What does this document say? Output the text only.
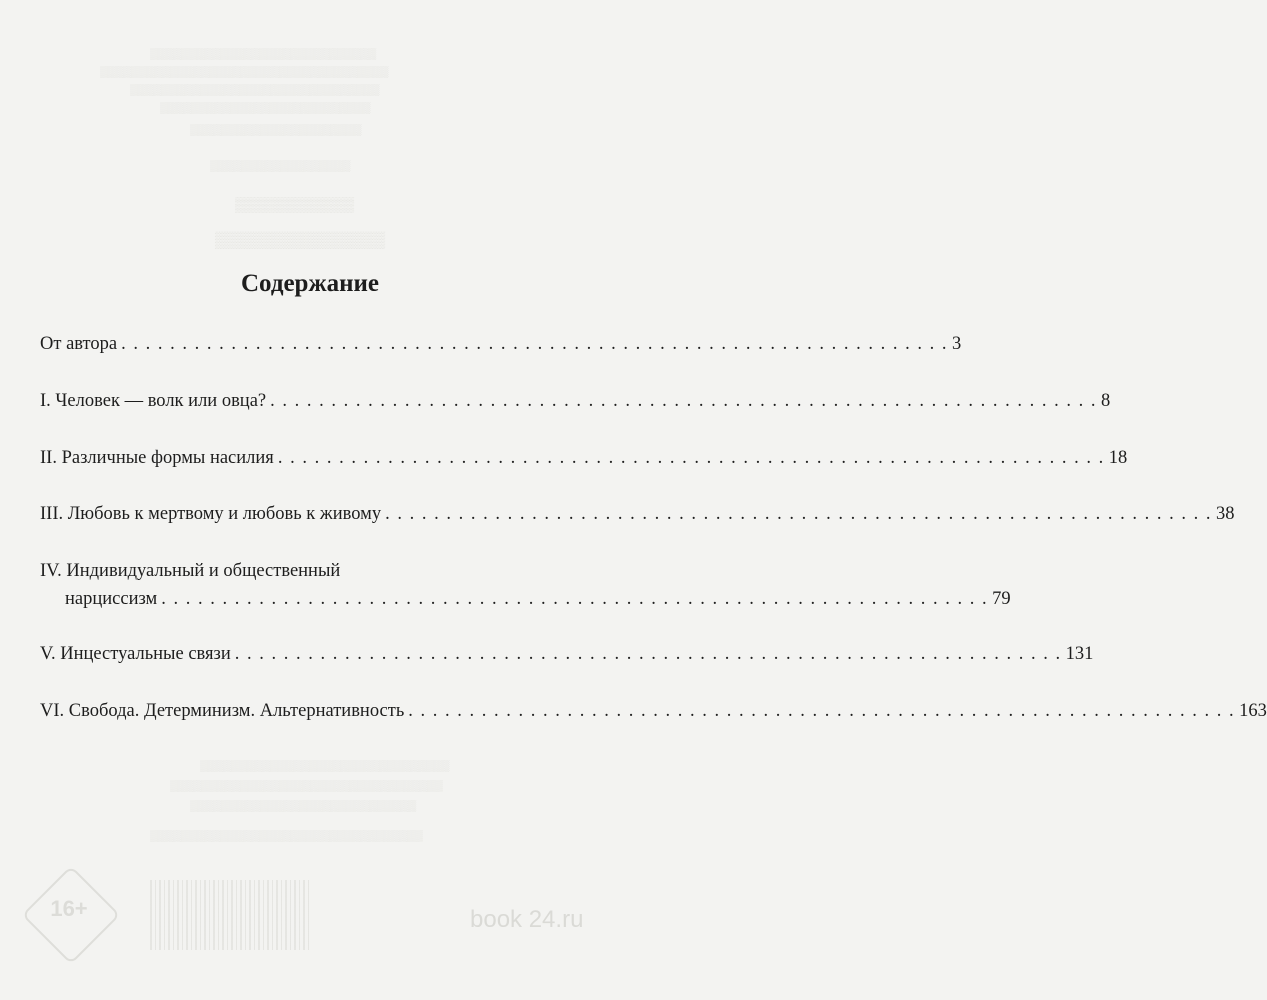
▒▒▒▒▒▒▒▒▒▒▒▒▒▒▒▒▒▒▒▒▒▒▒▒▒▒▒▒▒
▒▒▒▒▒▒▒▒▒▒▒▒▒▒▒▒▒▒▒▒▒▒▒▒▒▒▒▒▒▒▒▒▒▒▒▒▒
▒▒▒▒▒▒▒▒▒▒▒▒▒▒▒▒▒▒▒▒▒▒▒▒▒▒▒▒▒▒▒▒
▒▒▒▒▒▒▒▒▒▒▒▒▒▒▒▒▒▒▒▒▒▒▒▒▒▒▒
▒▒▒▒▒▒▒▒▒▒▒▒▒▒▒▒▒▒▒▒▒▒
▒▒▒▒▒▒▒▒▒▒▒▒▒▒▒▒▒▒
▒▒▒▒▒▒▒▒▒▒▒▒
▒▒▒▒▒▒▒▒▒▒▒▒▒▒▒
▒▒▒▒▒▒▒▒▒▒▒▒▒▒▒▒▒▒▒▒▒▒▒▒▒▒▒▒▒▒▒▒
▒▒▒▒▒▒▒▒▒▒▒▒▒▒▒▒▒▒▒▒▒▒▒▒▒▒▒▒▒▒▒▒▒▒▒
▒▒▒▒▒▒▒▒▒▒▒▒▒▒▒▒▒▒▒▒▒▒▒▒▒▒▒▒▒
▒▒▒▒▒▒▒▒▒▒▒▒▒▒▒▒▒▒▒▒▒▒▒▒▒▒▒▒▒▒▒▒▒▒▒
16+	book 24.ru
Содержание
От автора . . . . . . . . . . . . . . . . . . . . . . . . . . . . . . . . . . . . . . . . . . . . . . . . . . . . . . . . . . . . . . . . . . . . 3
I. Человек — волк или овца? . . . . . . . . . . . . . . . . . . . . . . . . . . . . . . . . . . . . . . . . . . . . . . . . . . . . . . . . . . . . . . . . . . . . 8
II. Различные формы насилия . . . . . . . . . . . . . . . . . . . . . . . . . . . . . . . . . . . . . . . . . . . . . . . . . . . . . . . . . . . . . . . . . . . . 18
III. Любовь к мертвому и любовь к живому . . . . . . . . . . . . . . . . . . . . . . . . . . . . . . . . . . . . . . . . . . . . . . . . . . . . . . . . . . . . . . . . . . . . 38
IV. Индивидуальный и общественный
нарциссизм . . . . . . . . . . . . . . . . . . . . . . . . . . . . . . . . . . . . . . . . . . . . . . . . . . . . . . . . . . . . . . . . . . . . 79
V. Инцестуальные связи . . . . . . . . . . . . . . . . . . . . . . . . . . . . . . . . . . . . . . . . . . . . . . . . . . . . . . . . . . . . . . . . . . . . 131
VI. Свобода. Детерминизм. Альтернативность . . . . . . . . . . . . . . . . . . . . . . . . . . . . . . . . . . . . . . . . . . . . . . . . . . . . . . . . . . . . . . . . . . . . 163
